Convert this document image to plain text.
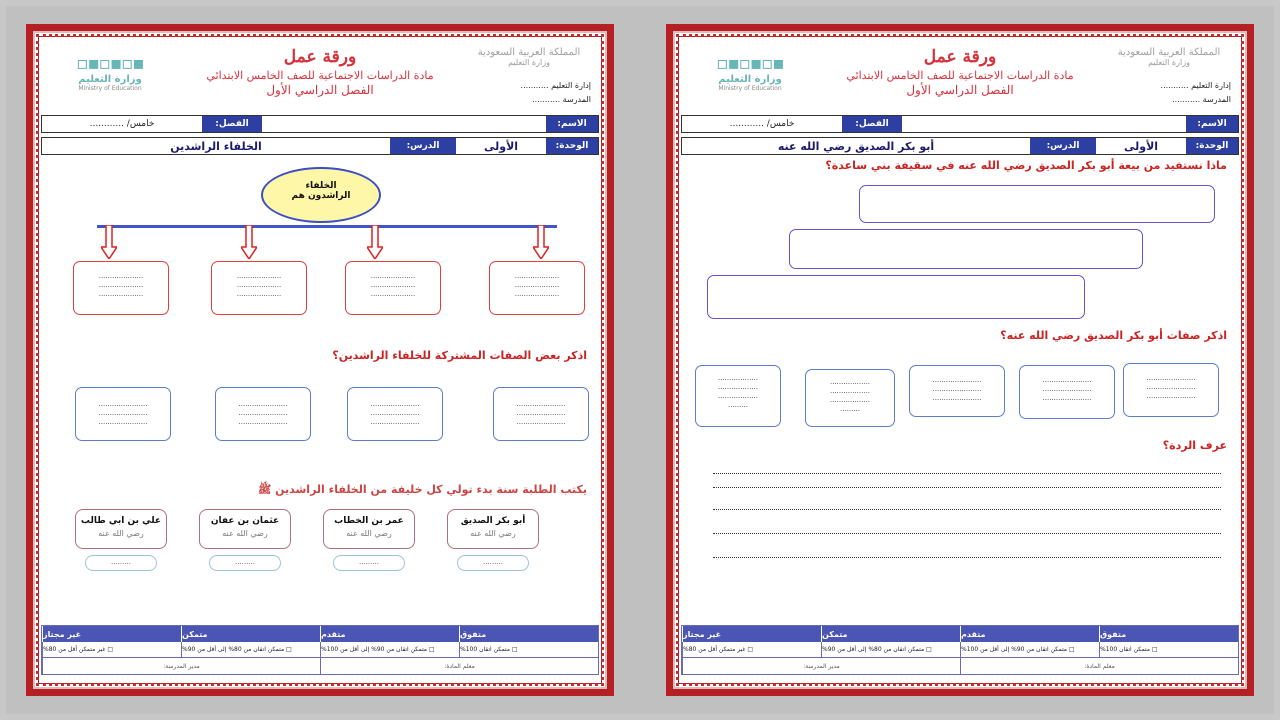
المملكة العربية السعودية
وزارة التعليم
إدارة التعليم ...........
المدرسة ...........
ورقة عمل
مادة الدراسات الاجتماعية للصف الخامس الابتدائي
الفصل الدراسي الأول
▪▫▪▫▪▫
وزارة التعليم
Ministry of Education
الاسم:
الفصل:
خامس/ ............
الوحدة:
الأولى
الدرس:
الخلفاء الراشدين
الخلفاء
الراشدون هم
....................
....................
....................
....................
....................
....................
....................
....................
....................
....................
....................
....................
اذكر بعض الصفات المشتركة للخلفاء الراشدين؟
......................
......................
......................
......................
......................
......................
......................
......................
......................
......................
......................
......................
يكتب الطلبة سنة بدء تولي كل خليفة من الخلفاء الراشدين ﷺ
أبو بكر الصديق
رضي الله عنه
عمر بن الخطاب
رضي الله عنه
عثمان بن عفان
رضي الله عنه
علي بن ابي طالب
رضي الله عنه
.........
.........
.........
.........
متفوق
متقدم
متمكن
غير مجتاز
□ متمكن اتقان 100%
□ متمكن اتقان من 90% إلى أقل من 100%
□ متمكن اتقان من 80% إلى أقل من 90%
□ غير متمكن أقل من 80%
معلم المادة:
مدير المدرسة:
المملكة العربية السعودية
وزارة التعليم
إدارة التعليم ...........
المدرسة ...........
ورقة عمل
مادة الدراسات الاجتماعية للصف الخامس الابتدائي
الفصل الدراسي الأول
▪▫▪▫▪▫
وزارة التعليم
Ministry of Education
الاسم:
الفصل:
خامس/ ............
الوحدة:
الأولى
الدرس:
أبو بكر الصديق رضي الله عنه
ماذا نستفيد من بيعة أبو بكر الصديق رضي الله عنه في سقيفة بني ساعدة؟
اذكر صفات أبو بكر الصديق رضي الله عنه؟
..................
..................
..................
.........
..................
..................
..................
.........
......................
......................
......................
......................
......................
......................
......................
......................
......................
عرف الردة؟
متفوق
متقدم
متمكن
غير مجتاز
□ متمكن اتقان 100%
□ متمكن اتقان من 90% إلى أقل من 100%
□ متمكن اتقان من 80% إلى أقل من 90%
□ غير متمكن أقل من 80%
معلم المادة:
مدير المدرسة:
